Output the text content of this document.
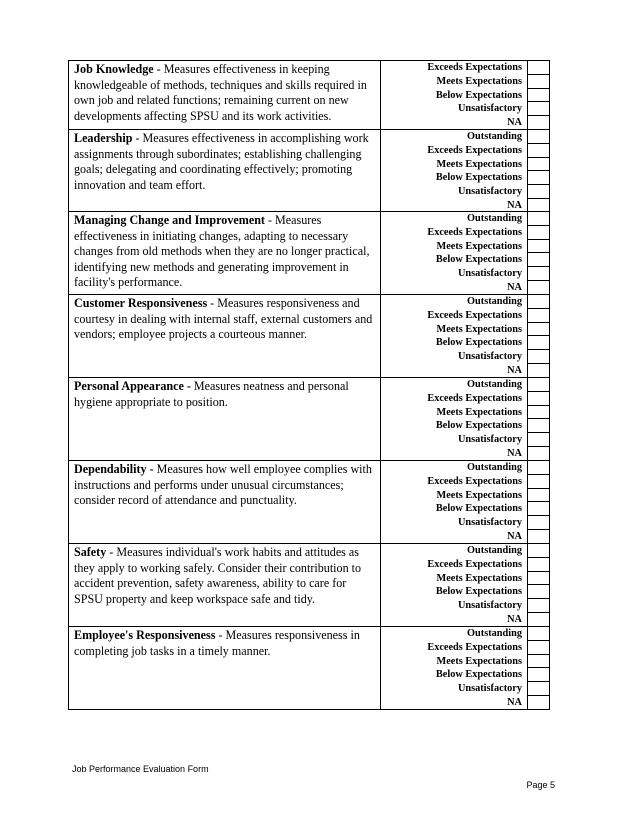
Job Knowledge - Measures effectiveness in keeping knowledgeable of methods, techniques and skills required in own job and related functions; remaining current on new developments affecting SPSU and its work activities.
Exceeds Expectations
Meets Expectations
Below Expectations
Unsatisfactory
NA
Leadership - Measures effectiveness in accomplishing work assignments through subordinates; establishing challenging goals; delegating and coordinating effectively; promoting innovation and team effort.
Outstanding
Exceeds Expectations
Meets Expectations
Below Expectations
Unsatisfactory
NA
Managing Change and Improvement - Measures effectiveness in initiating changes, adapting to necessary changes from old methods when they are no longer practical, identifying new methods and generating improvement in facility's performance.
Outstanding
Exceeds Expectations
Meets Expectations
Below Expectations
Unsatisfactory
NA
Customer Responsiveness - Measures responsiveness and courtesy in dealing with internal staff, external customers and vendors; employee projects a courteous manner.
Outstanding
Exceeds Expectations
Meets Expectations
Below Expectations
Unsatisfactory
NA
Personal Appearance - Measures neatness and personal hygiene appropriate to position.
Outstanding
Exceeds Expectations
Meets Expectations
Below Expectations
Unsatisfactory
NA
Dependability - Measures how well employee complies with instructions and performs under unusual circumstances; consider record of attendance and punctuality.
Outstanding
Exceeds Expectations
Meets Expectations
Below Expectations
Unsatisfactory
NA
Safety - Measures individual's work habits and attitudes as they apply to working safely. Consider their contribution to accident prevention, safety awareness, ability to care for SPSU property and keep workspace safe and tidy.
Outstanding
Exceeds Expectations
Meets Expectations
Below Expectations
Unsatisfactory
NA
Employee's Responsiveness - Measures responsiveness in completing job tasks in a timely manner.
Outstanding
Exceeds Expectations
Meets Expectations
Below Expectations
Unsatisfactory
NA
Job Performance Evaluation Form
Page 5
